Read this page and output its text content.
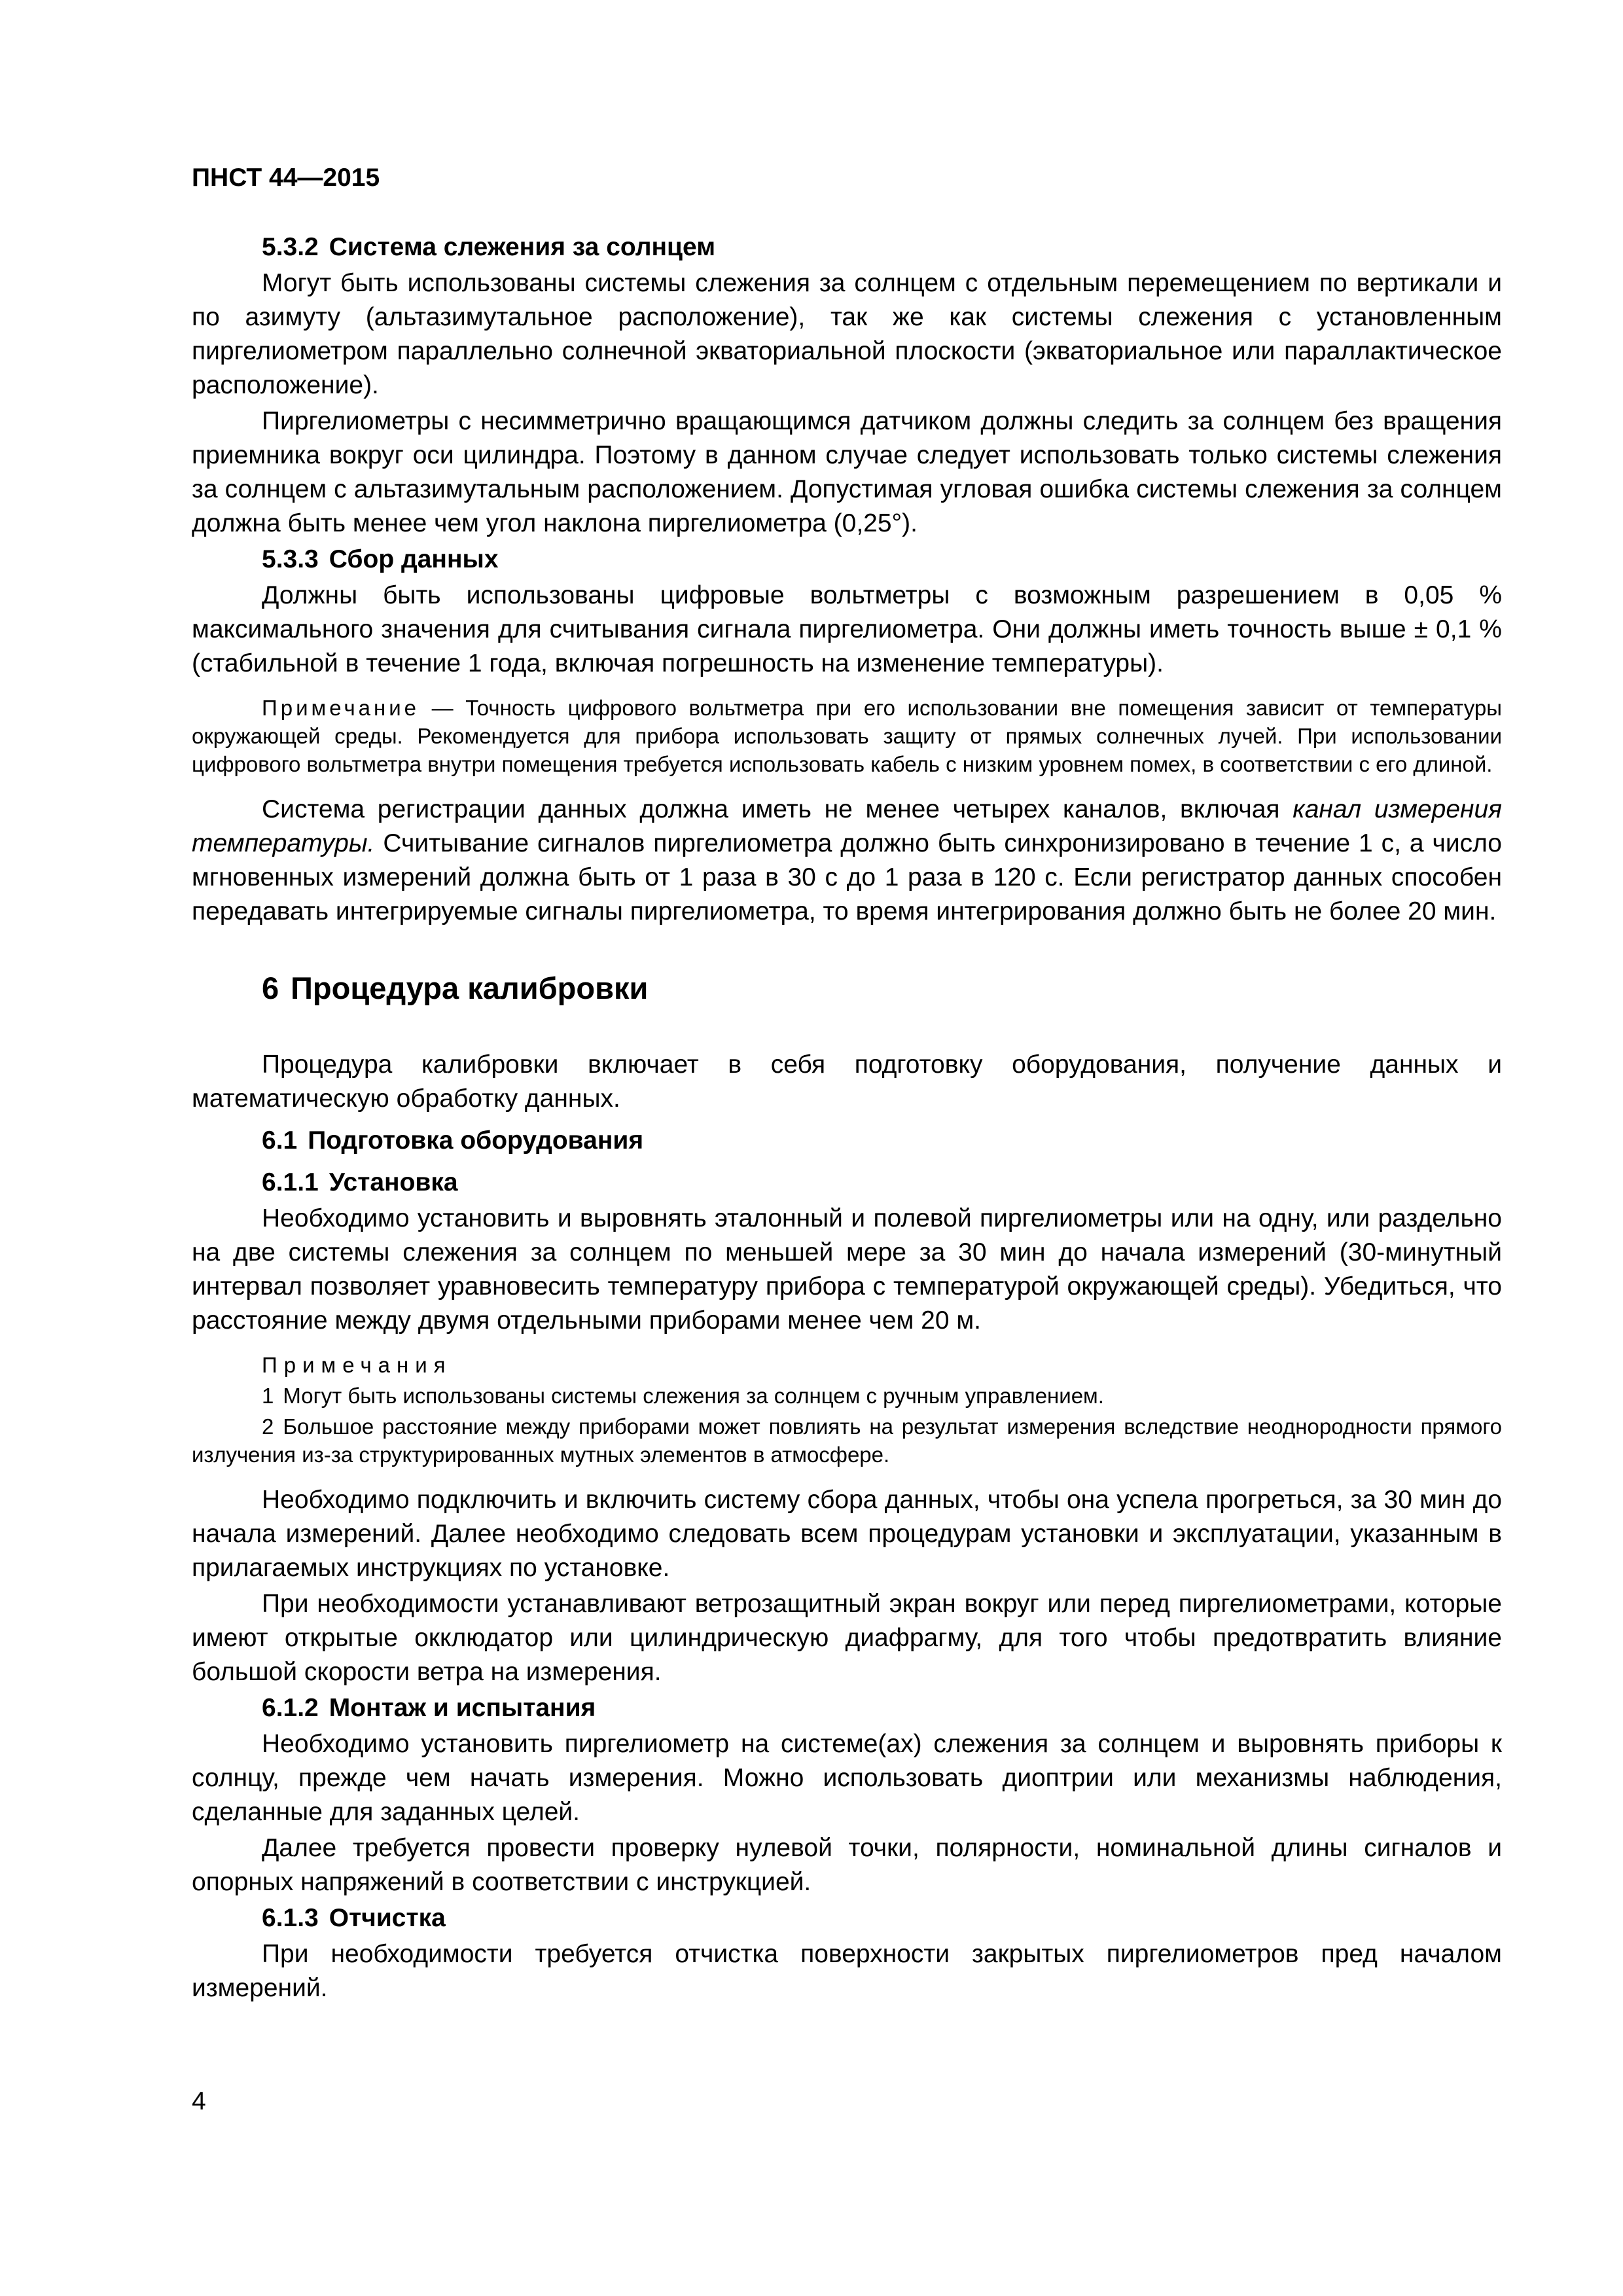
ПНСТ 44—2015
5.3.2 Система слежения за солнцем

Могут быть использованы системы слежения за солнцем с отдельным перемещением по вертикали и по азимуту (альтазимутальное расположение), так же как системы слежения с установленным пиргелиометром параллельно солнечной экваториальной плоскости (экваториальное или параллактическое расположение).

Пиргелиометры с несимметрично вращающимся датчиком должны следить за солнцем без вращения приемника вокруг оси цилиндра. Поэтому в данном случае следует использовать только системы слежения за солнцем с альтазимутальным расположением. Допустимая угловая ошибка системы слежения за солнцем должна быть менее чем угол наклона пиргелиометра (0,25°).

5.3.3 Сбор данных

Должны быть использованы цифровые вольтметры с возможным разрешением в 0,05 % максимального значения для считывания сигнала пиргелиометра. Они должны иметь точность выше ± 0,1 % (стабильной в течение 1 года, включая погрешность на изменение температуры).

Примечание — Точность цифрового вольтметра при его использовании вне помещения зависит от температуры окружающей среды. Рекомендуется для прибора использовать защиту от прямых солнечных лучей. При использовании цифрового вольтметра внутри помещения требуется использовать кабель с низким уровнем помех, в соответствии с его длиной.

Система регистрации данных должна иметь не менее четырех каналов, включая канал измерения температуры. Считывание сигналов пиргелиометра должно быть синхронизировано в течение 1 с, а число мгновенных измерений должна быть от 1 раза в 30 с до 1 раза в 120 с. Если регистратор данных способен передавать интегрируемые сигналы пиргелиометра, то время интегрирования должно быть не более 20 мин.

6 Процедура калибровки

Процедура калибровки включает в себя подготовку оборудования, получение данных и математическую обработку данных.

6.1 Подготовка оборудования
6.1.1 Установка

Необходимо установить и выровнять эталонный и полевой пиргелиометры или на одну, или раздельно на две системы слежения за солнцем по меньшей мере за 30 мин до начала измерений (30-минутный интервал позволяет уравновесить температуру прибора с температурой окружающей среды). Убедиться, что расстояние между двумя отдельными приборами менее чем 20 м.

Примечания

1 Могут быть использованы системы слежения за солнцем с ручным управлением.

2 Большое расстояние между приборами может повлиять на результат измерения вследствие неоднородности прямого излучения из-за структурированных мутных элементов в атмосфере.

Необходимо подключить и включить систему сбора данных, чтобы она успела прогреться, за 30 мин до начала измерений. Далее необходимо следовать всем процедурам установки и эксплуатации, указанным в прилагаемых инструкциях по установке.

При необходимости устанавливают ветрозащитный экран вокруг или перед пиргелиометрами, которые имеют открытые окклюдатор или цилиндрическую диафрагму, для того чтобы предотвратить влияние большой скорости ветра на измерения.

6.1.2 Монтаж и испытания

Необходимо установить пиргелиометр на системе(ах) слежения за солнцем и выровнять приборы к солнцу, прежде чем начать измерения. Можно использовать диоптрии или механизмы наблюдения, сделанные для заданных целей.

Далее требуется провести проверку нулевой точки, полярности, номинальной длины сигналов и опорных напряжений в соответствии с инструкцией.

6.1.3 Отчистка

При необходимости требуется отчистка поверхности закрытых пиргелиометров пред началом измерений.

4
